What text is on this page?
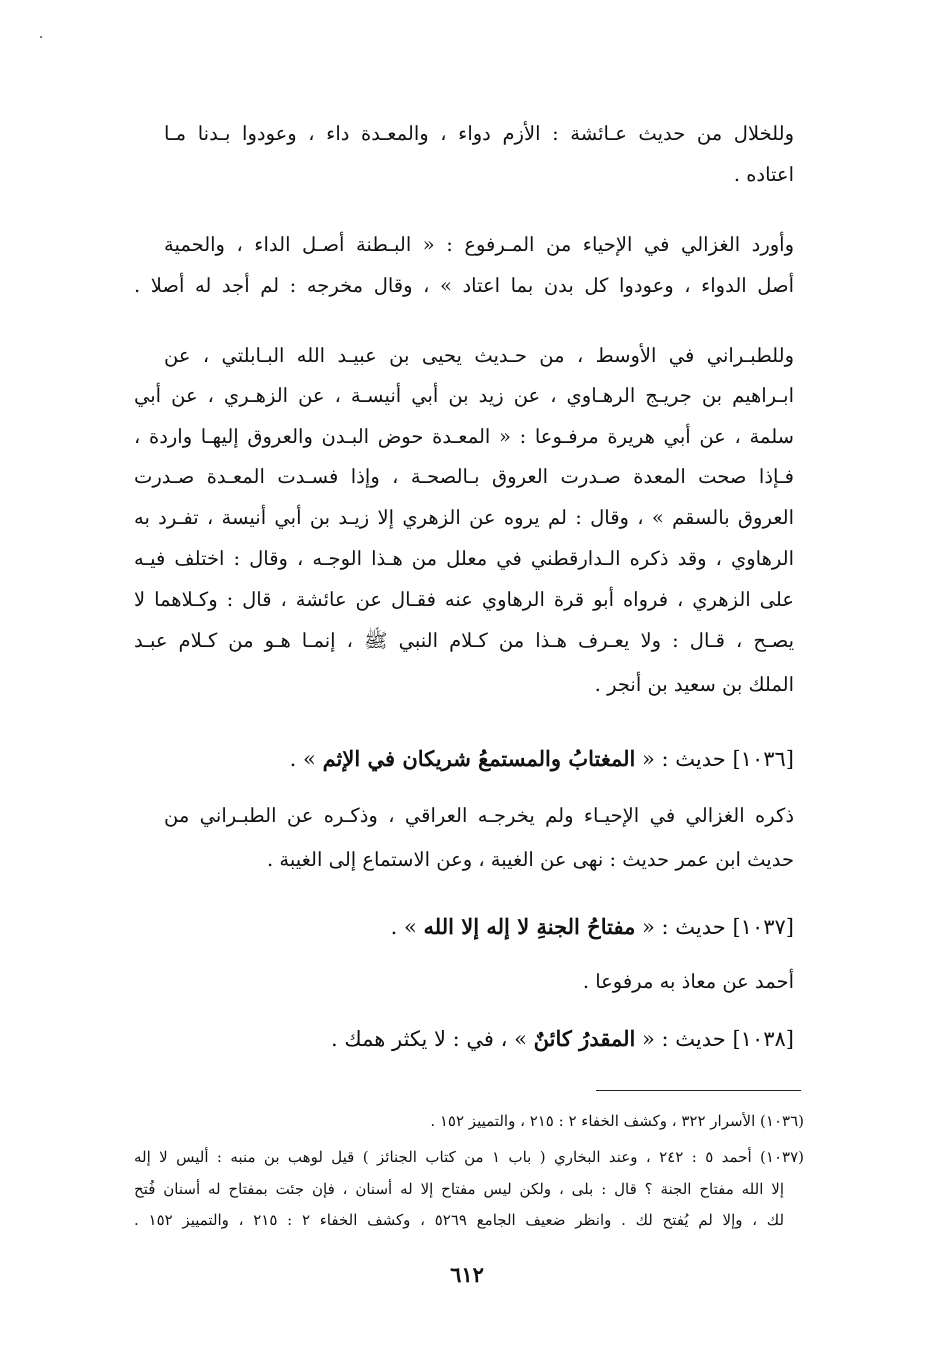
وللخلال من حديث عـائشة : الأزم دواء ، والمعـدة داء ، وعودوا بـدنا مـا
اعتاده .
وأورد الغزالي في الإحياء من المـرفوع : « البـطنة أصـل الداء ، والحمية
أصل الدواء ، وعودوا كل بدن بما اعتاد » ، وقال مخرجه : لم أجد له أصلا .
وللطبـراني في الأوسط ، من حـديث يحيى بن عبيـد الله البـابلتي ، عن
ابـراهيم بن جريـج الرهـاوي ، عن زيد بن أبي أنيسـة ، عن الزهـري ، عن أبي
سلمة ، عن أبي هريرة مرفـوعا : « المعـدة حوض البـدن والعروق إليهـا واردة ،
فـإذا صحت المعدة صـدرت العروق بـالصحـة ، وإذا فسـدت المعـدة صـدرت
العروق بالسقم » ، وقال : لم يروه عن الزهري إلا زيـد بن أبي أنيسة ، تفـرد به
الرهاوي ، وقد ذكره الـدارقطني في معلل من هـذا الوجـه ، وقال : اختلف فيـه
على الزهري ، فرواه أبو قرة الرهاوي عنه فقـال عن عائشة ، قال : وكـلاهما لا
يصـح ، قـال : ولا يعـرف هـذا من كـلام النبي ﷺ ، إنمـا هـو من كـلام عبـد
الملك بن سعيد بن أنجر .
[١٠٣٦] حديث : « المغتابُ والمستمعُ شريكان في الإثم » .
ذكره الغزالي في الإحيـاء ولم يخرجـه العراقي ، وذكـره عن الطبـراني من
حديث ابن عمر حديث : نهى عن الغيبة ، وعن الاستماع إلى الغيبة .
[١٠٣٧] حديث : « مفتاحُ الجنةِ لا إله إلا الله » .
أحمد عن معاذ به مرفوعا .
[١٠٣٨] حديث : « المقدرُ كائنٌ » ، في : لا يكثر همك .
(١٠٣٦) الأسرار ٣٢٢ ، وكشف الخفاء ٢ : ٢١٥ ، والتمييز ١٥٢ .
(١٠٣٧) أحمد ٥ : ٢٤٢ ، وعند البخاري ( باب ١ من كتاب الجنائز ) قيل لوهب بن منبه : أليس لا إله
إلا الله مفتاح الجنة ؟ قال : بلى ، ولكن ليس مفتاح إلا له أسنان ، فإن جئت بمفتاح له أسنان فُتح
لك ، وإلا لم يُفتح لك . وانظر ضعيف الجامع ٥٢٦٩ ، وكشف الخفاء ٢ : ٢١٥ ، والتمييز ١٥٢ .
٦١٢
